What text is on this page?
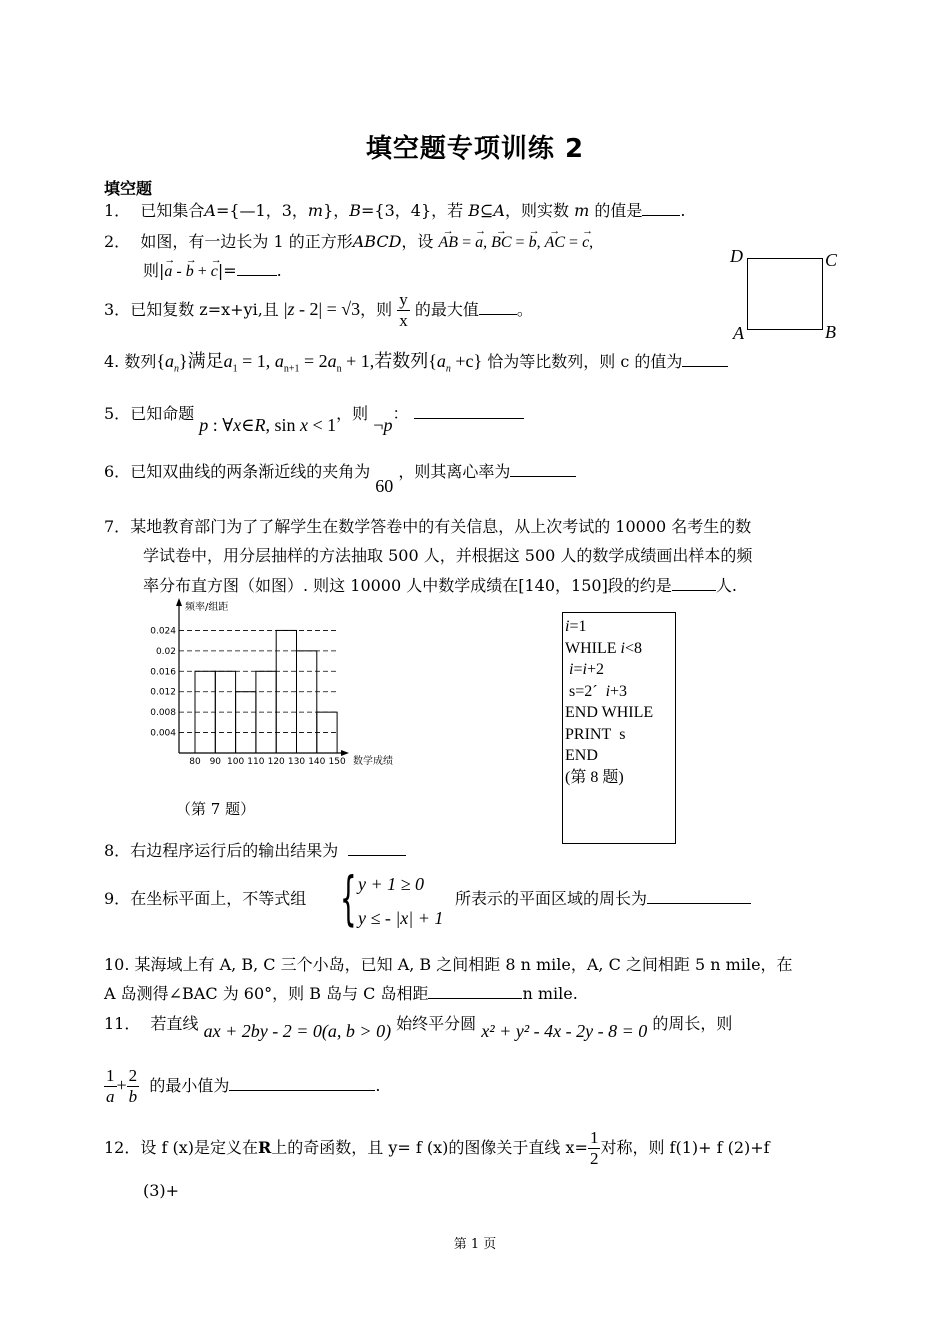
填空题专项训练 2
填空题
1． 已知集合A={—1，3，m}，B={3，4}，若 B⊆A，则实数 m 的值是 .
2． 如图，有一边长为 1 的正方形ABCD，设 → AB = → a, → BC = → b, → AC = → c,
则|→ a - → b + → c|=	.
D	C
A	B
3．已知复数 z=x+yi,且 |z - 2| = √3，则 $\frac{y}{x}$ 的最大值 。
4. 数列$\{a_n\}$满足$a_1 = 1$, $a_{n+1} = 2a_n + 1$,若数列$\{a_n +c\}$ 恰为等比数列，则 c 的值为
5．已知命题 p : ∀x∈R, sin x < 1，则 ¬p：
6．已知双曲线的两条渐近线的夹角为 60 ，则其离心率为
7．某地教育部门为了了解学生在数学答卷中的有关信息，从上次考试的 10000 名考生的数
学试卷中，用分层抽样的方法抽取 500 人，并根据这 500 人的数学成绩画出样本的频
率分布直方图（如图）. 则这 10000 人中数学成绩在[140，150]段的约是	人.
频率/组距
数学成绩
0.024
0.02
0.016
0.012
0.008
0.004
80 90 100 110 120 130 140 150
（第 7 题）
i=1
WHILE i<8
i=i+2
s=2ˊ  i+3
END WHILE
PRINT  s
END
(第 8 题)
8．右边程序运行后的输出结果为
9．在坐标平面上，不等式组 { y + 1 ≥ 0
y ≤ - |x| + 1
所表示的平面区域的周长为
10. 某海域上有 A, B, C 三个小岛，已知 A, B 之间相距 8 n mile，A, C 之间相距 5 n mile，在
A 岛测得∠BAC 为 60°，则 B 岛与 C 岛相距	n mile.
11． 若直线 ax + 2by - 2 = 0(a, b > 0) 始终平分圆 x² + y² - 4x - 2y - 8 = 0 的周长，则
$\frac{1}{a} + \frac{2}{b}$ 的最小值为	.
12．设 f (x)是定义在R上的奇函数，且 y= f (x)的图像关于直线 $x= \frac{1}{2}$ 对称，则 f(1)+ f (2)+f
(3)+
第 1 页
